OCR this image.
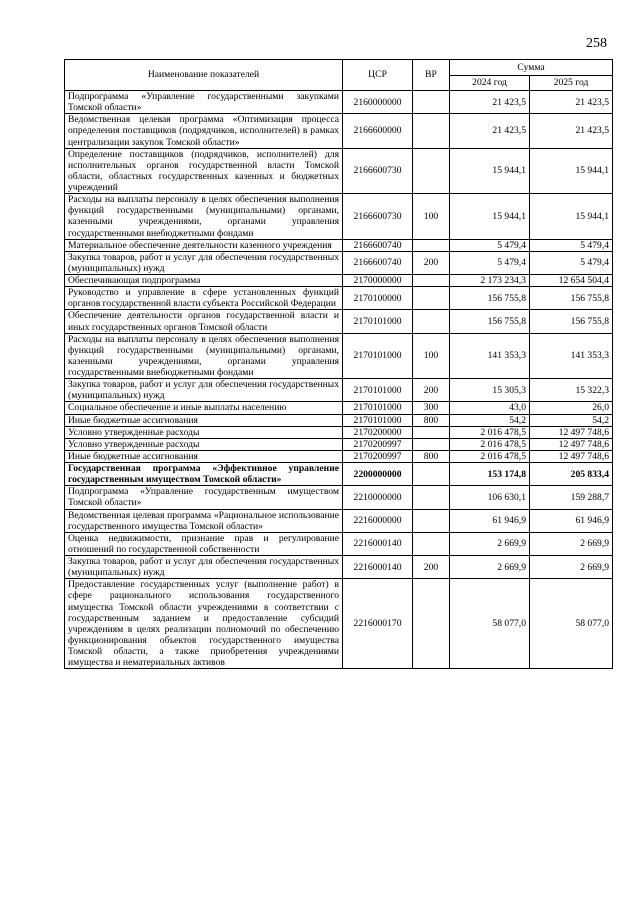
258
Наименование показателей	ЦСР	ВР	Сумма	
			2024 год	2025 год
Подпрограмма «Управление государственными закупками Томской области»	2160000000		21 423,5	21 423,5
Ведомственная целевая программа «Оптимизация процесса определения поставщиков (подрядчиков, исполнителей) в рамках централизации закупок Томской области»	2166600000		21 423,5	21 423,5
Определение поставщиков (подрядчиков, исполнителей) для исполнительных органов государственной власти Томской области, областных государственных казенных и бюджетных учреждений	2166600730		15 944,1	15 944,1
Расходы на выплаты персоналу в целях обеспечения выполнения функций государственными (муниципальными) органами, казенными учреждениями, органами управления государственными внебюджетными фондами	2166600730	100	15 944,1	15 944,1
Материальное обеспечение деятельности казенного учреждения	2166600740		5 479,4	5 479,4
Закупка товаров, работ и услуг для обеспечения государственных (муниципальных) нужд	2166600740	200	5 479,4	5 479,4
Обеспечивающая подпрограмма	2170000000		2 173 234,3	12 654 504,4
Руководство и управление в сфере установленных функций органов государственной власти субъекта Российской Федерации	2170100000		156 755,8	156 755,8
Обеспечение деятельности органов государственной власти и иных государственных органов Томской области	2170101000		156 755,8	156 755,8
Расходы на выплаты персоналу в целях обеспечения выполнения функций государственными (муниципальными) органами, казенными учреждениями, органами управления государственными внебюджетными фондами	2170101000	100	141 353,3	141 353,3
Закупка товаров, работ и услуг для обеспечения государственных (муниципальных) нужд	2170101000	200	15 305,3	15 322,3
Социальное обеспечение и иные выплаты населению	2170101000	300	43,0	26,0
Иные бюджетные ассигнования	2170101000	800	54,2	54,2
Условно утвержденные расходы	2170200000		2 016 478,5	12 497 748,6
Условно утвержденные расходы	2170200997		2 016 478,5	12 497 748,6
Иные бюджетные ассигнования	2170200997	800	2 016 478,5	12 497 748,6
Государственная программа «Эффективное управление государственным имуществом Томской области»	2200000000		153 174,8	205 833,4
Подпрограмма «Управление государственным имуществом Томской области»	2210000000		106 630,1	159 288,7
Ведомственная целевая программа «Рациональное использование государственного имущества Томской области»	2216000000		61 946,9	61 946,9
Оценка недвижимости, признание прав и регулирование отношений по государственной собственности	2216000140		2 669,9	2 669,9
Закупка товаров, работ и услуг для обеспечения государственных (муниципальных) нужд	2216000140	200	2 669,9	2 669,9
Предоставление государственных услуг (выполнение работ) в сфере рационального использования государственного имущества Томской области учреждениями в соответствии с государственным заданием и предоставление субсидий учреждениям в целях реализации полномочий по обеспечению функционирования объектов государственного имущества Томской области, а также приобретения учреждениями имущества и нематериальных активов	2216000170		58 077,0	58 077,0
